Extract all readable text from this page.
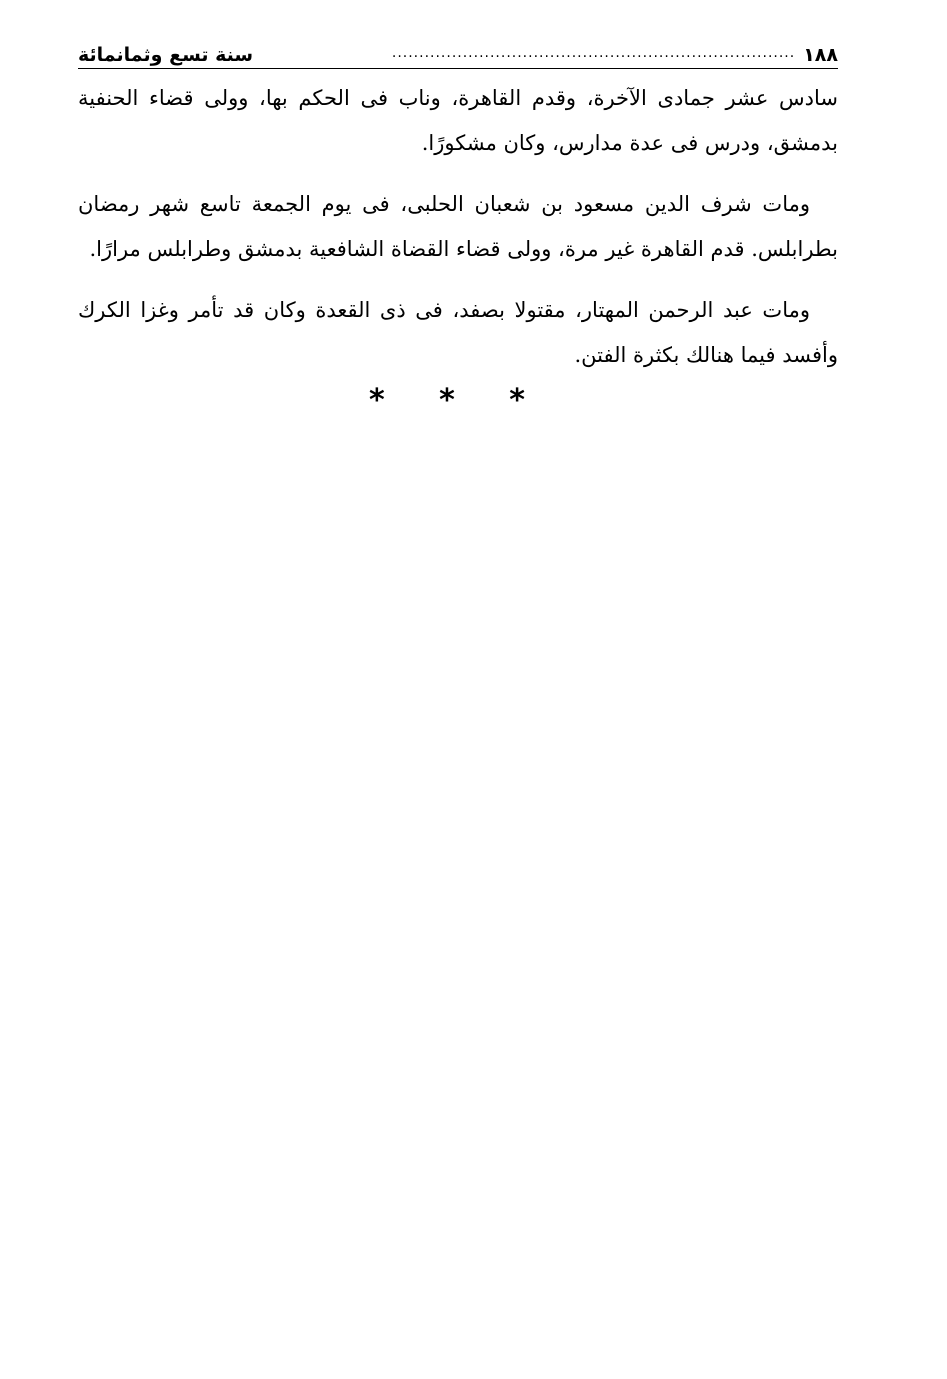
١٨٨
..........................................................................
سنة تسع وثمانمائة

سادس عشر جمادى الآخرة، وقدم القاهرة، وناب فى الحكم بها، وولى قضاء الحنفية بدمشق، ودرس فى عدة مدارس، وكان مشكورًا.

ومات شرف الدين مسعود بن شعبان الحلبى، فى يوم الجمعة تاسع شهر رمضان بطرابلس. قدم القاهرة غير مرة، وولى قضاء القضاة الشافعية بدمشق وطرابلس مرارًا.

ومات عبد الرحمن المهتار، مقتولا بصفد، فى ذى القعدة وكان قد تأمر وغزا الكرك وأفسد فيما هنالك بكثرة الفتن.

* * *
